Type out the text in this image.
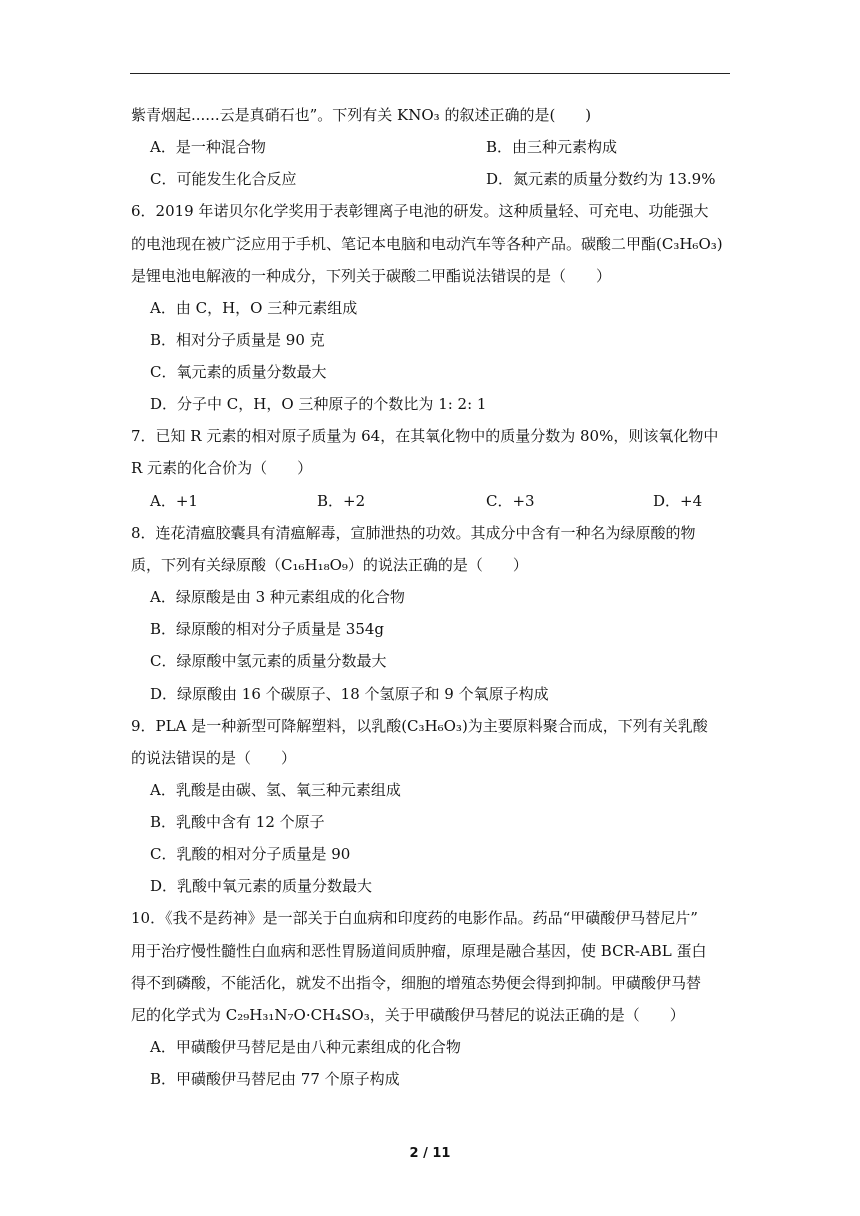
紫青烟起......云是真硝石也”。下列有关 KNO₃ 的叙述正确的是(　　)
A．是一种混合物	B．由三种元素构成
C．可能发生化合反应	D．氮元素的质量分数约为 13.9%
6．2019 年诺贝尔化学奖用于表彰锂离子电池的研发。这种质量轻、可充电、功能强大
的电池现在被广泛应用于手机、笔记本电脑和电动汽车等各种产品。碳酸二甲酯(C₃H₆O₃)
是锂电池电解液的一种成分，下列关于碳酸二甲酯说法错误的是（　　）
A．由 C，H，O 三种元素组成
B．相对分子质量是 90 克
C．氧元素的质量分数最大
D．分子中 C，H，O 三种原子的个数比为 1: 2: 1
7．已知 R 元素的相对原子质量为 64，在其氧化物中的质量分数为 80%，则该氧化物中
R 元素的化合价为（　　）
A．+1	B．+2	C．+3	D．+4
8．连花清瘟胶囊具有清瘟解毒，宣肺泄热的功效。其成分中含有一种名为绿原酸的物
质，下列有关绿原酸（C₁₆H₁₈O₉）的说法正确的是（　　）
A．绿原酸是由 3 种元素组成的化合物
B．绿原酸的相对分子质量是 354g
C．绿原酸中氢元素的质量分数最大
D．绿原酸由 16 个碳原子、18 个氢原子和 9 个氧原子构成
9．PLA 是一种新型可降解塑料，以乳酸(C₃H₆O₃)为主要原料聚合而成，下列有关乳酸
的说法错误的是（　　）
A．乳酸是由碳、氢、氧三种元素组成
B．乳酸中含有 12 个原子
C．乳酸的相对分子质量是 90
D．乳酸中氧元素的质量分数最大
10．《我不是药神》是一部关于白血病和印度药的电影作品。药品“甲磺酸伊马替尼片”
用于治疗慢性髓性白血病和恶性胃肠道间质肿瘤，原理是融合基因，使 BCR-ABL 蛋白
得不到磷酸，不能活化，就发不出指令，细胞的增殖态势便会得到抑制。甲磺酸伊马替
尼的化学式为 C₂₉H₃₁N₇O·CH₄SO₃，关于甲磺酸伊马替尼的说法正确的是（　　）
A．甲磺酸伊马替尼是由八种元素组成的化合物
B．甲磺酸伊马替尼由 77 个原子构成
2 / 11
